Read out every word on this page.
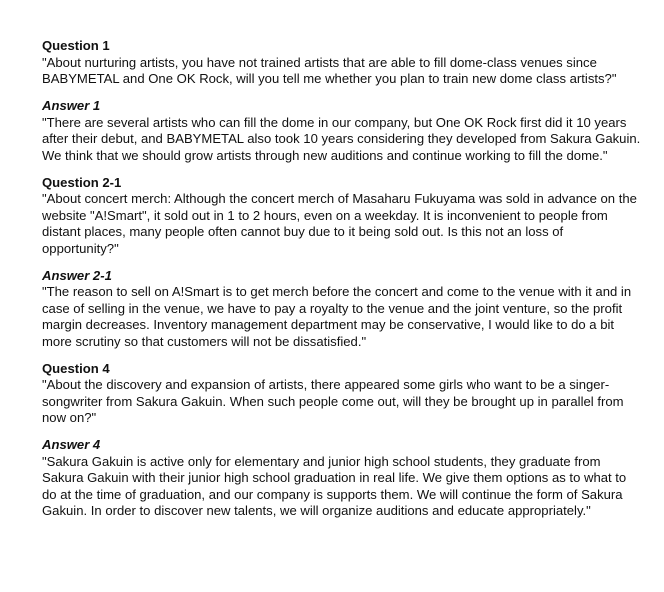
Question 1
"About nurturing artists, you have not trained artists that are able to fill dome-class venues since BABYMETAL and One OK Rock, will you tell me whether you plan to train new dome class artists?"
Answer 1
"There are several artists who can fill the dome in our company, but One OK Rock first did it 10 years after their debut, and BABYMETAL also took 10 years considering they developed from Sakura Gakuin. We think that we should grow artists through new auditions and continue working to fill the dome."
Question 2-1
"About concert merch: Although the concert merch of Masaharu Fukuyama was sold in advance on the website "A!Smart", it sold out in 1 to 2 hours, even on a weekday. It is inconvenient to people from distant places, many people often cannot buy due to it being sold out. Is this not an loss of opportunity?"
Answer 2-1
"The reason to sell on A!Smart is to get merch before the concert and come to the venue with it and in case of selling in the venue, we have to pay a royalty to the venue and the joint venture, so the profit margin decreases. Inventory management department may be conservative, I would like to do a bit more scrutiny so that customers will not be dissatisfied."
Question 4
"About the discovery and expansion of artists, there appeared some girls who want to be a singer-songwriter from Sakura Gakuin. When such people come out, will they be brought up in parallel from now on?"
Answer 4
"Sakura Gakuin is active only for elementary and junior high school students, they graduate from Sakura Gakuin with their junior high school graduation in real life. We give them options as to what to do at the time of graduation, and our company is supports them. We will continue the form of Sakura Gakuin. In order to discover new talents, we will organize auditions and educate appropriately."
